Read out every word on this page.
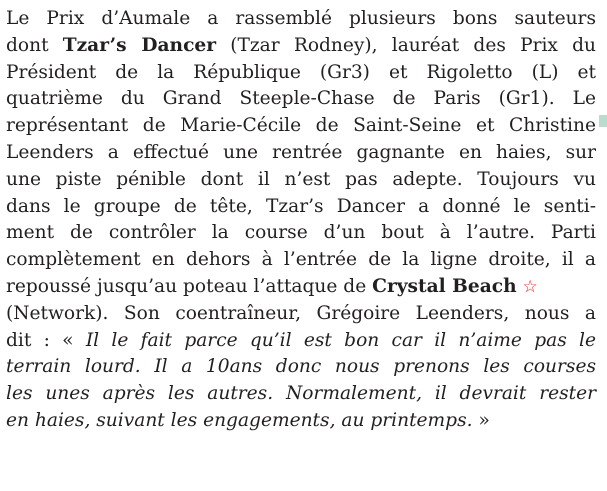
Le Prix d’Aumale a rassemblé plusieurs bons sauteurs
dont Tzar’s Dancer (Tzar Rodney), lauréat des Prix du
Président de la République (Gr3) et Rigoletto (L) et
quatrième du Grand Steeple-Chase de Paris (Gr1). Le
représentant de Marie-Cécile de Saint-Seine et Christine
Leenders a effectué une rentrée gagnante en haies, sur
une piste pénible dont il n’est pas adepte. Toujours vu
dans le groupe de tête, Tzar’s Dancer a donné le senti-
ment de contrôler la course d’un bout à l’autre. Parti
complètement en dehors à l’entrée de la ligne droite, il a
repoussé jusqu’au poteau l’attaque de Crystal Beach ☆
(Network). Son coentraîneur, Grégoire Leenders, nous a
dit : « Il le fait parce qu’il est bon car il n’aime pas le
terrain lourd. Il a 10ans donc nous prenons les courses
les unes après les autres. Normalement, il devrait rester
en haies, suivant les engagements, au printemps. »
